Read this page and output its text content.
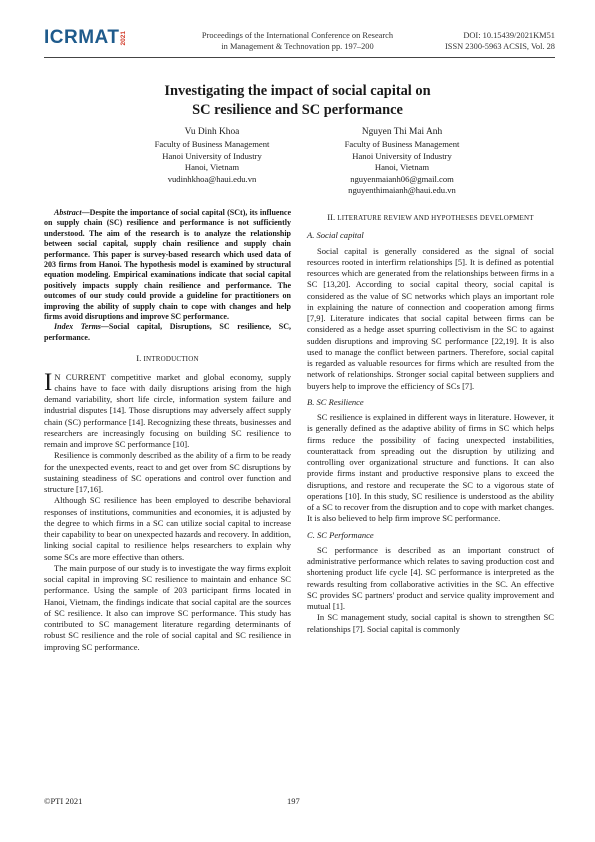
ICRMAT 2021	Proceedings of the International Conference on Research
in Management & Technovation pp. 197–200
DOI: 10.15439/2021KM51
ISSN 2300-5963 ACSIS, Vol. 28
Investigating the impact of social capital on
SC resilience and SC performance
Vu Dinh Khoa
Faculty of Business Management
Hanoi University of Industry
Hanoi, Vietnam
vudinhkhoa@haui.edu.vn
Nguyen Thi Mai Anh
Faculty of Business Management
Hanoi University of Industry
Hanoi, Vietnam
nguyenmaianh06@gmail.com
nguyenthimaianh@haui.edu.vn

Abstract—Despite the importance of social capital (SCt), its influence on supply chain (SC) resilience and performance is not sufficiently understood. The aim of the research is to analyze the relationship between social capital, supply chain resilience and supply chain performance. This paper is survey-based research which used data of 203 firms from Hanoi. The hypothesis model is examined by structural equation modeling. Empirical examinations indicate that social capital positively impacts supply chain resilience and performance. The outcomes of our study could provide a guideline for practitioners on improving the ability of supply chain to cope with changes and help firms avoid disruptions and improve SC performance.

Index Terms—Social capital, Disruptions, SC resilience, SC, performance.

I. INTRODUCTION

I N CURRENT competitive market and global economy, supply chains have to face with daily disruptions arising from the high demand variability, short life circle, information system failure and industrial disputes [14]. Those disruptions may adversely affect supply chain (SC) performance [14]. Recognizing these threats, businesses and researchers are increasingly focusing on building SC resilience to remain and improve SC performance [10].

Resilience is commonly described as the ability of a firm to be ready for the unexpected events, react to and get over from SC disruptions by sustaining steadiness of SC operations and control over function and structure [17,16].

Although SC resilience has been employed to describe behavioral responses of institutions, communities and economies, it is adjusted by the degree to which firms in a SC can utilize social capital to increase their capability to bear on unexpected hazards and recovery. In addition, linking social capital to resilience helps researchers to explain why some SCs are more effective than others.

The main purpose of our study is to investigate the way firms exploit social capital in improving SC resilience to maintain and enhance SC performance. Using the sample of 203 participant firms located in Hanoi, Vietnam, the findings indicate that social capital are the sources of SC resilience. It also can improve SC performance. This study has contributed to SC management literature regarding determinants of robust SC resilience and the role of social capital and SC resilience in improving SC performance.

II. LITERATURE REVIEW AND HYPOTHESES DEVELOPMENT
A. Social capital

Social capital is generally considered as the signal of social resources rooted in interfirm relationships [5]. It is defined as potential resources which are generated from the relationships between firms in a SC [13,20]. According to social capital theory, social capital is considered as the value of SC networks which plays an important role in explaining the nature of connection and cooperation among firms [7,9]. Literature indicates that social capital between firms can be considered as a hedge asset spurring collectivism in the SC to against sudden disruptions and improving SC performance [22,19]. It is also used to manage the conflict between partners. Therefore, social capital is regarded as valuable resources for firms which are resulted from the network of relationships. Stronger social capital between suppliers and buyers help to improve the efficiency of SCs [7].

B. SC Resilience

SC resilience is explained in different ways in literature. However, it is generally defined as the adaptive ability of firms in SC which helps firms reduce the possibility of facing unexpected instabilities, counterattack from spreading out the disruption by utilizing and controlling over organizational structure and functions. It can also provide firms instant and productive responsive plans to exceed the disruptions, and restore and recuperate the SC to a vigorous state of operations [10]. In this study, SC resilience is understood as the ability of a SC to recover from the disruption and to cope with market changes. It is also believed to help firm improve SC performance.

C. SC Performance

SC performance is described as an important construct of administrative performance which relates to saving production cost and shortening product life cycle [4]. SC performance is interpreted as the rewards resulting from collaborative activities in the SC. An effective SC provides SC partners' product and service quality improvement and mutual [1].

In SC management study, social capital is shown to strengthen SC relationships [7]. Social capital is commonly

©PTI 2021	197
